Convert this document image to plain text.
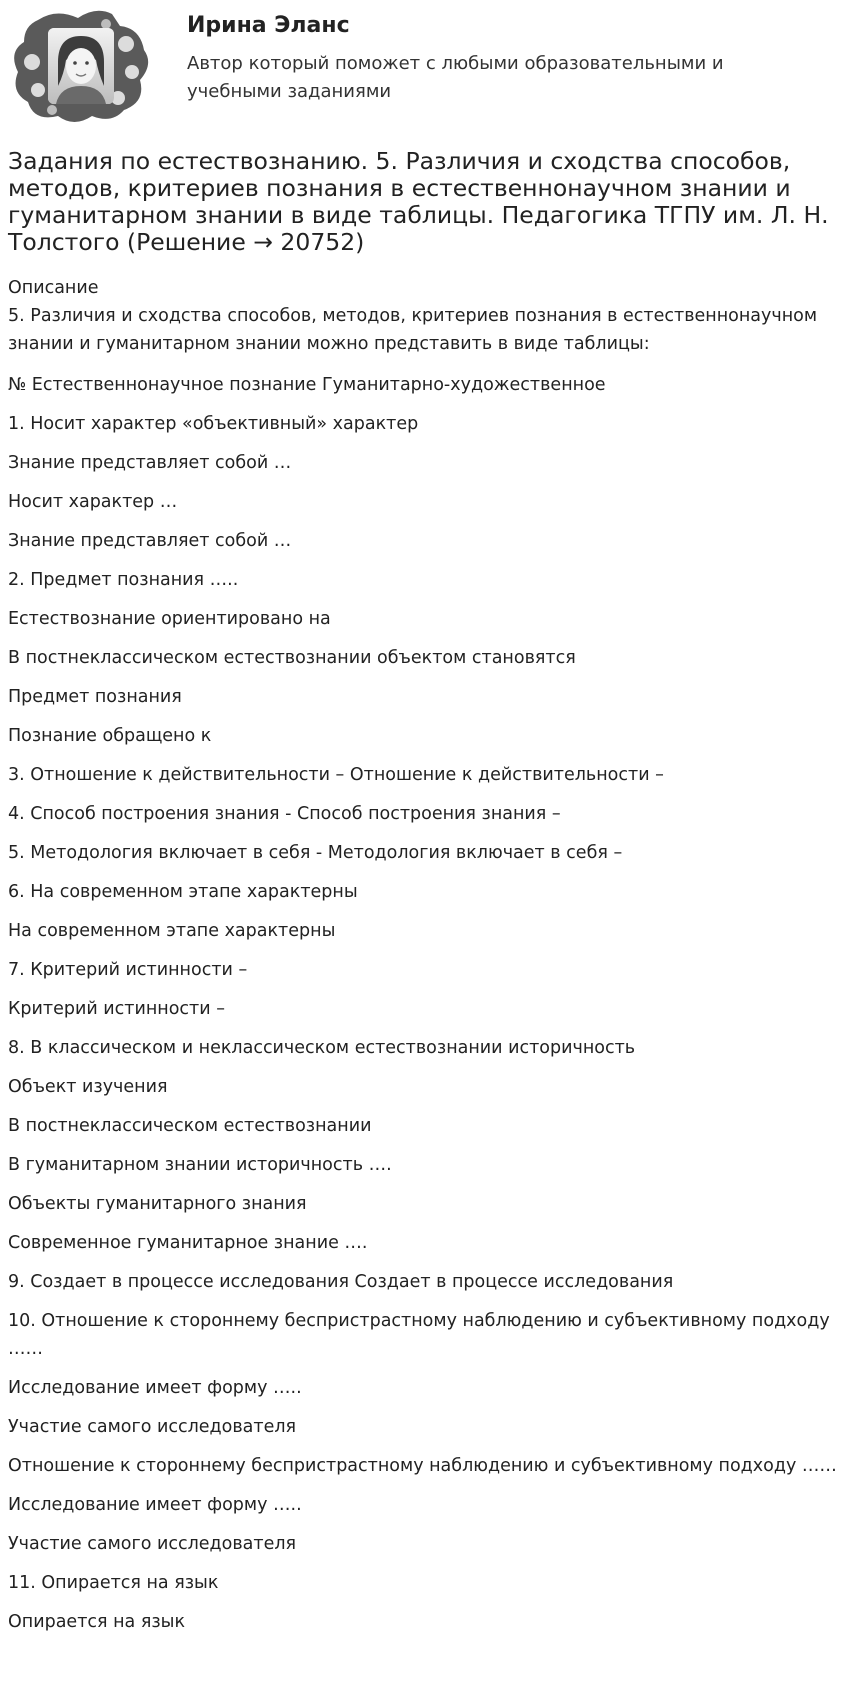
Ирина Эланс
Автор который поможет с любыми образовательными и учебными заданиями
Задания по естествознанию. 5. Различия и сходства способов, методов, критериев познания в естественнонаучном знании и гуманитарном знании в виде таблицы. Педагогика ТГПУ им. Л. Н. Толстого (Решение → 20752)
Описание
5. Различия и сходства способов, методов, критериев познания в естественнонаучном знании и гуманитарном знании можно представить в виде таблицы:
№ Естественнонаучное познание Гуманитарно-художественное
1. Носит характер «объективный» характер
Знание представляет собой …
Носит характер …
Знание представляет собой …
2. Предмет познания …..
Естествознание ориентировано на
В постнеклассическом естествознании объектом становятся
Предмет познания
Познание обращено к
3. Отношение к действительности – Отношение к действительности –
4. Способ построения знания - Способ построения знания –
5. Методология включает в себя - Методология включает в себя –
6. На современном этапе характерны
На современном этапе характерны
7. Критерий истинности –
Критерий истинности –
8. В классическом и неклассическом естествознании историчность
Объект изучения
В постнеклассическом естествознании
В гуманитарном знании историчность ….
Объекты гуманитарного знания
Современное гуманитарное знание ….
9. Создает в процессе исследования Создает в процессе исследования
10. Отношение к стороннему беспристрастному наблюдению и субъективному подходу ……
Исследование имеет форму …..
Участие самого исследователя
Отношение к стороннему беспристрастному наблюдению и субъективному подходу ……
Исследование имеет форму …..
Участие самого исследователя
11. Опирается на язык
Опирается на язык
